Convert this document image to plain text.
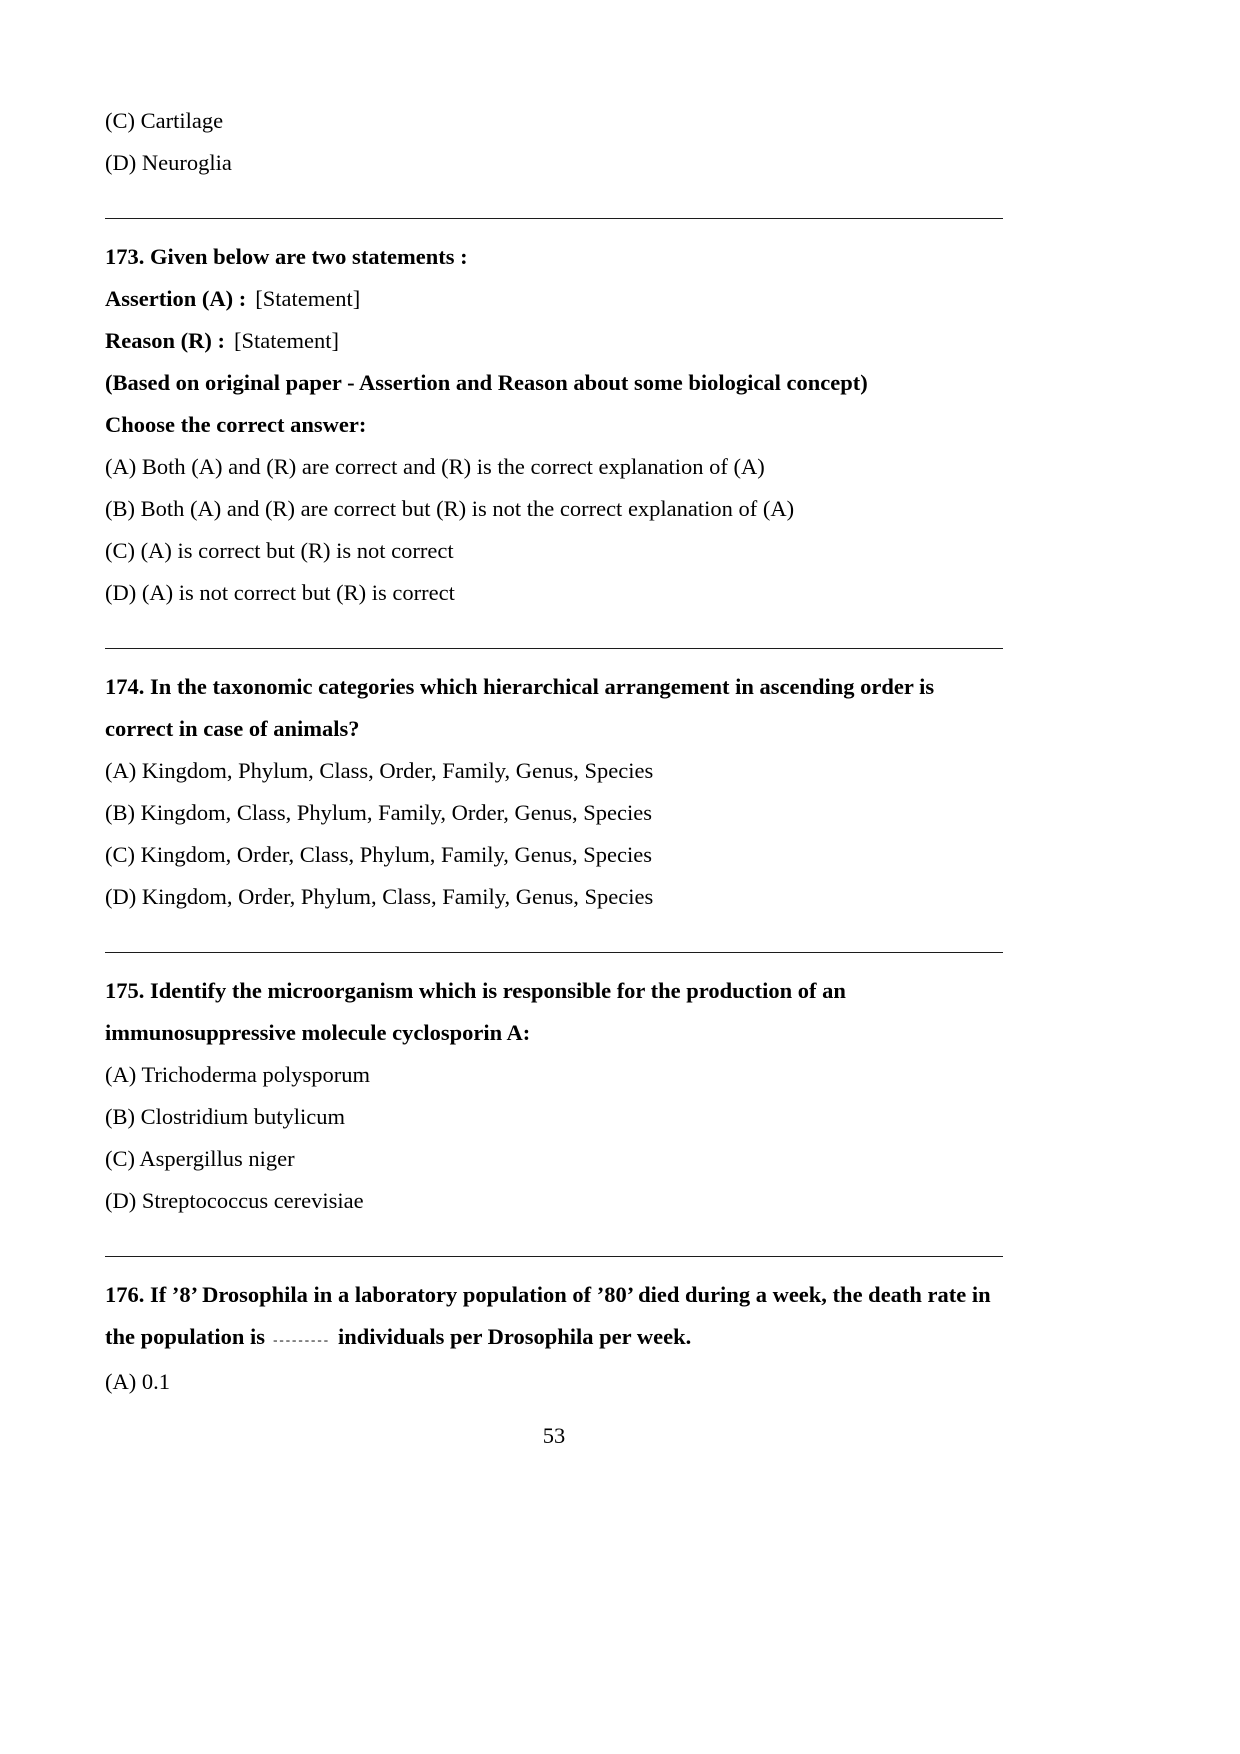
(C) Cartilage

(D) Neuroglia

173. Given below are two statements :

Assertion (A) : [Statement]

Reason (R) : [Statement]

(Based on original paper - Assertion and Reason about some biological concept)

Choose the correct answer:

(A) Both (A) and (R) are correct and (R) is the correct explanation of (A)

(B) Both (A) and (R) are correct but (R) is not the correct explanation of (A)

(C) (A) is correct but (R) is not correct

(D) (A) is not correct but (R) is correct

174. In the taxonomic categories which hierarchical arrangement in ascending order is correct in case of animals?

(A) Kingdom, Phylum, Class, Order, Family, Genus, Species

(B) Kingdom, Class, Phylum, Family, Order, Genus, Species

(C) Kingdom, Order, Class, Phylum, Family, Genus, Species

(D) Kingdom, Order, Phylum, Class, Family, Genus, Species

175. Identify the microorganism which is responsible for the production of an immunosuppressive molecule cyclosporin A:

(A) Trichoderma polysporum

(B) Clostridium butylicum

(C) Aspergillus niger

(D) Streptococcus cerevisiae

176. If ’8’ Drosophila in a laboratory population of ’80’ died during a week, the death rate in the population is --------- individuals per Drosophila per week.

(A) 0.1

53
